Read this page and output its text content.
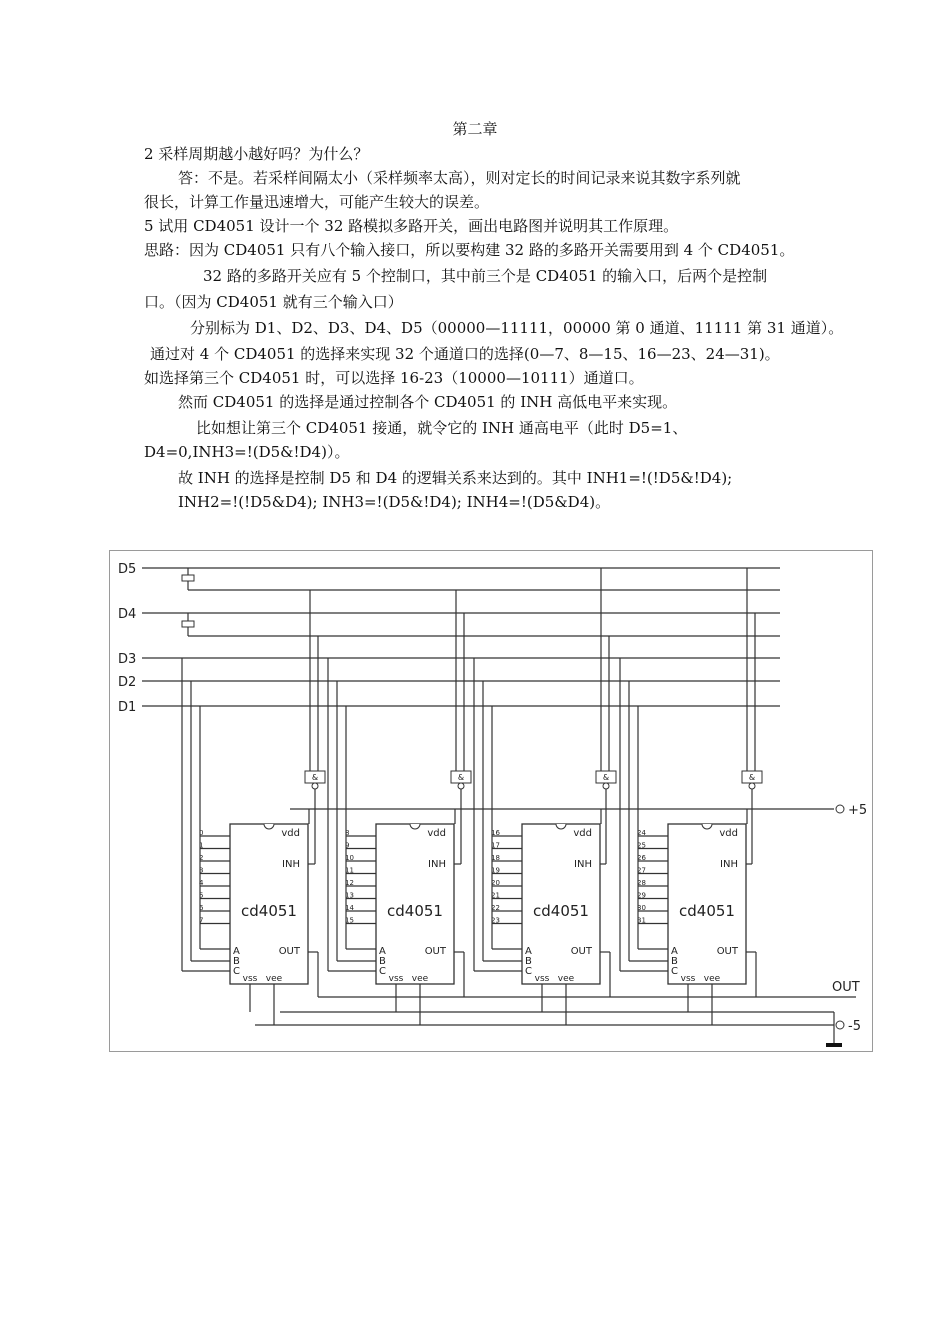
第二章
2 采样周期越小越好吗？为什么？
答：不是。若采样间隔太小（采样频率太高），则对定长的时间记录来说其数字系列就
很长，计算工作量迅速增大，可能产生较大的误差。
5 试用 CD4051 设计一个 32 路模拟多路开关，画出电路图并说明其工作原理。
思路：因为 CD4051 只有八个输入接口，所以要构建 32 路的多路开关需要用到 4 个 CD4051。
32 路的多路开关应有 5 个控制口，其中前三个是 CD4051 的输入口，后两个是控制
口。（因为 CD4051 就有三个输入口）
分别标为 D1、D2、D3、D4、D5（00000—11111，00000 第 0 通道、11111 第 31 通道）。
通过对 4 个 CD4051 的选择来实现 32 个通道口的选择(0—7、8—15、16—23、24—31)。
如选择第三个 CD4051 时，可以选择 16-23（10000—10111）通道口。
然而 CD4051 的选择是通过控制各个 CD4051 的 INH 高低电平来实现。
比如想让第三个 CD4051 接通，就令它的 INH 通高电平（此时 D5=1、
D4=0,INH3=!(D5&!D4)）。
故 INH 的选择是控制 D5 和 D4 的逻辑关系来达到的。其中 INH1=!(!D5&!D4);
INH2=!(!D5&D4); INH3=!(D5&!D4); INH4=!(D5&D4)。
D5
D4
D3
D2
D1
+5
OUT
-5
cd4051
vdd
INH
OUT
A
B
C
vss vee
0
1
2
3
4
5
6
7
&
cd4051
vdd
INH
OUT
A
B
C
vss vee
8
9
10
11
12
13
14
15
&
cd4051
vdd
INH
OUT
A
B
C
vss vee
16
17
18
19
20
21
22
23
&
cd4051
vdd
INH
OUT
A
B
C
vss vee
24
25
26
27
28
29
30
31
&
